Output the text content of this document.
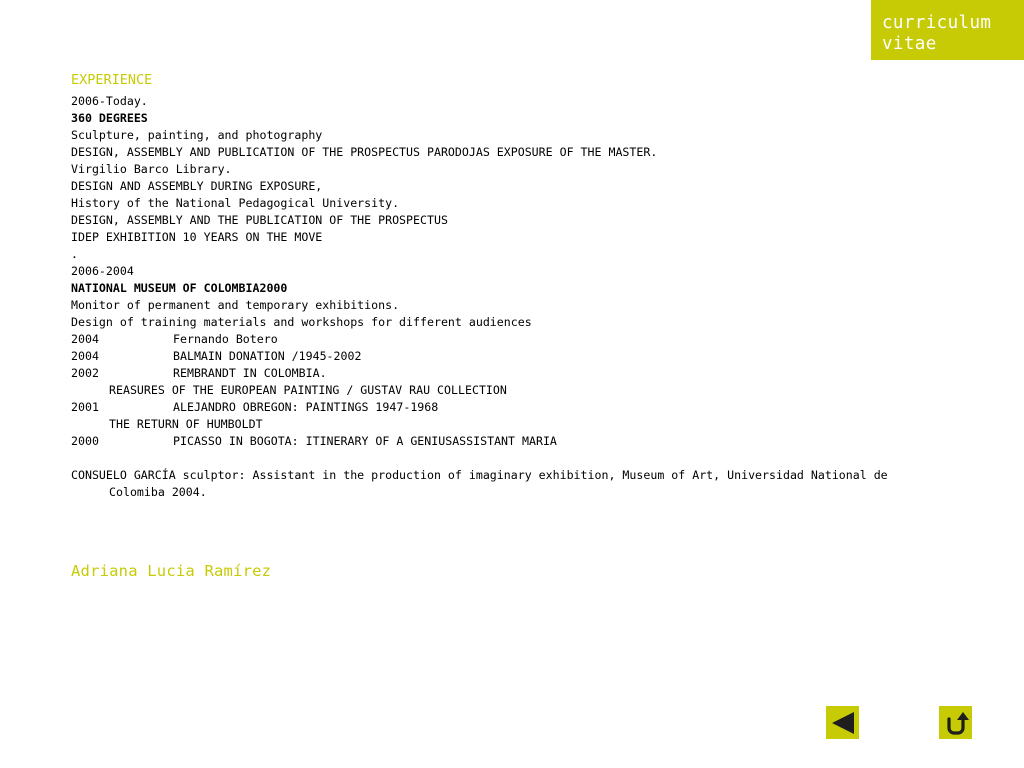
curriculum
vitae
EXPERIENCE
2006-Today.
360 DEGREES
Sculpture, painting, and photography
DESIGN, ASSEMBLY AND PUBLICATION OF THE PROSPECTUS PARODOJAS EXPOSURE OF THE MASTER.
Virgilio Barco Library.
DESIGN AND ASSEMBLY DURING EXPOSURE,
History of the National Pedagogical University.
DESIGN, ASSEMBLY AND THE PUBLICATION OF THE PROSPECTUS
IDEP EXHIBITION 10 YEARS ON THE MOVE
.
2006-2004
NATIONAL MUSEUM OF COLOMBIA2000
Monitor of permanent and temporary exhibitions.
Design of training materials and workshops for different audiences
2004	Fernando Botero
2004	BALMAIN DONATION /1945-2002
2002	REMBRANDT IN COLOMBIA.
REASURES OF THE EUROPEAN PAINTING / GUSTAV RAU COLLECTION
2001	ALEJANDRO OBREGON: PAINTINGS 1947-1968
THE RETURN OF HUMBOLDT
2000	PICASSO IN BOGOTA: ITINERARY OF A GENIUSASSISTANT MARIA
CONSUELO GARCÍA sculptor: Assistant in the production of imaginary exhibition, Museum of Art, Universidad National de Colomiba 2004.
Adriana Lucia Ramírez
